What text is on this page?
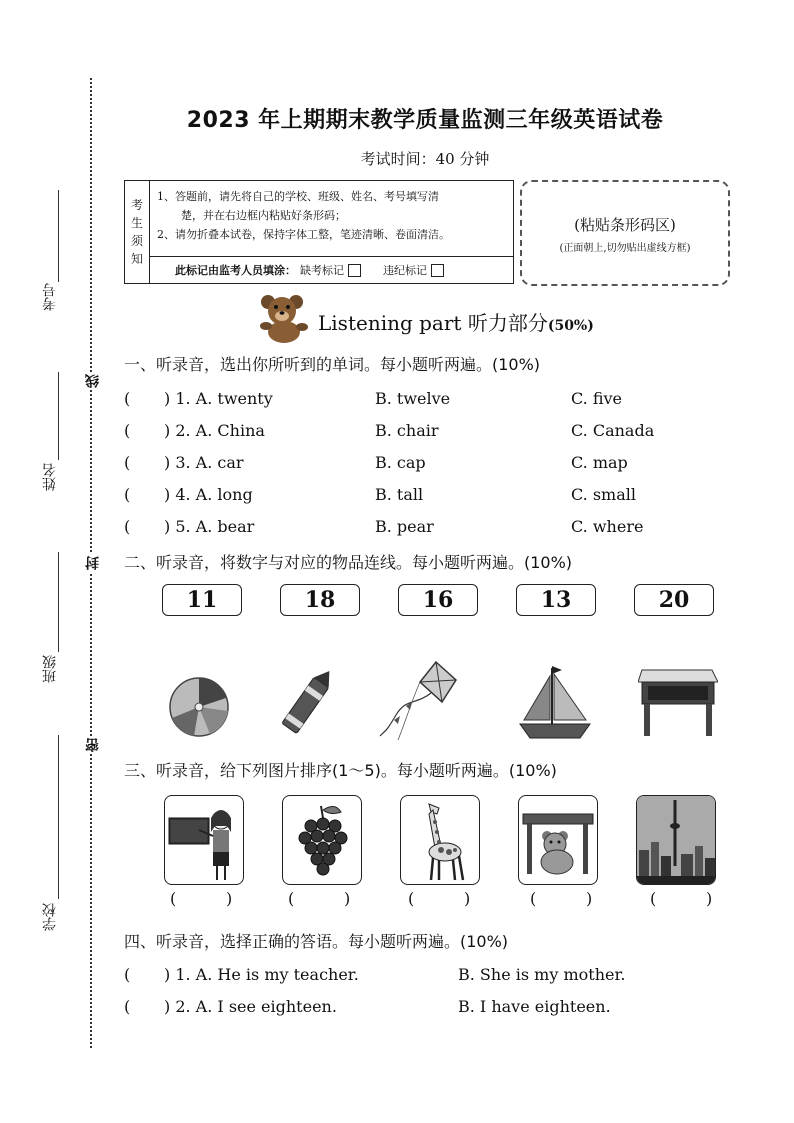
考号
姓名
班级
学校
线
封
密
2023 年上期期末教学质量监测三年级英语试卷
考试时间：40 分钟
考
生
须
知
1、答题前，请先将自己的学校、班级、姓名、考号填写清
楚，并在右边框内粘贴好条形码；
2、请勿折叠本试卷，保持字体工整，笔迹清晰、卷面清洁。
此标记由监考人员填涂： 缺考标记	违纪标记
(粘贴条形码区)
(正面朝上,切勿贴出虚线方框)
Listening part 听力部分(50%)
一、听录音，选出你所听到的单词。每小题听两遍。(10%)
( ) 1. A. twenty	B. twelve	C. five
( ) 2. A. China	B. chair	C. Canada
( ) 3. A. car	B. cap	C. map
( ) 4. A. long	B. tall	C. small
( ) 5. A. bear	B. pear	C. where
二、听录音，将数字与对应的物品连线。每小题听两遍。(10%)
11	18	16	13	20
三、听录音，给下列图片排序(1～5)。每小题听两遍。(10%)
(	)	(	)	(	)	(	)	(	)
四、听录音，选择正确的答语。每小题听两遍。(10%)
( ) 1. A. He is my teacher.	B. She is my mother.
( ) 2. A. I see eighteen.	B. I have eighteen.
